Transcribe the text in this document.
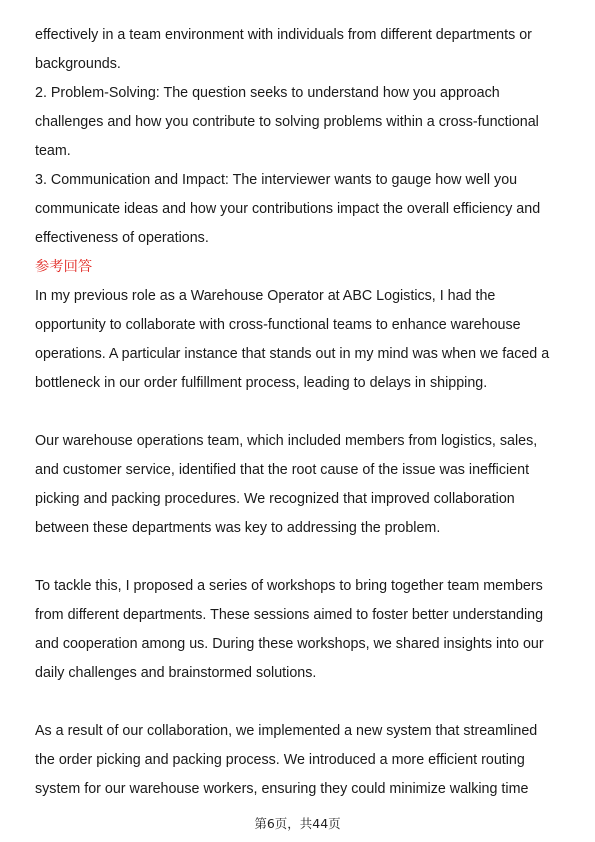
effectively in a team environment with individuals from different departments or
backgrounds.
2. Problem-Solving: The question seeks to understand how you approach
challenges and how you contribute to solving problems within a cross-functional
team.
3. Communication and Impact: The interviewer wants to gauge how well you
communicate ideas and how your contributions impact the overall efficiency and
effectiveness of operations.
参考回答
In my previous role as a Warehouse Operator at ABC Logistics, I had the
opportunity to collaborate with cross-functional teams to enhance warehouse
operations. A particular instance that stands out in my mind was when we faced a
bottleneck in our order fulfillment process, leading to delays in shipping.
Our warehouse operations team, which included members from logistics, sales,
and customer service, identified that the root cause of the issue was inefficient
picking and packing procedures. We recognized that improved collaboration
between these departments was key to addressing the problem.
To tackle this, I proposed a series of workshops to bring together team members
from different departments. These sessions aimed to foster better understanding
and cooperation among us. During these workshops, we shared insights into our
daily challenges and brainstormed solutions.
As a result of our collaboration, we implemented a new system that streamlined
the order picking and packing process. We introduced a more efficient routing
system for our warehouse workers, ensuring they could minimize walking time
第6页，共44页
